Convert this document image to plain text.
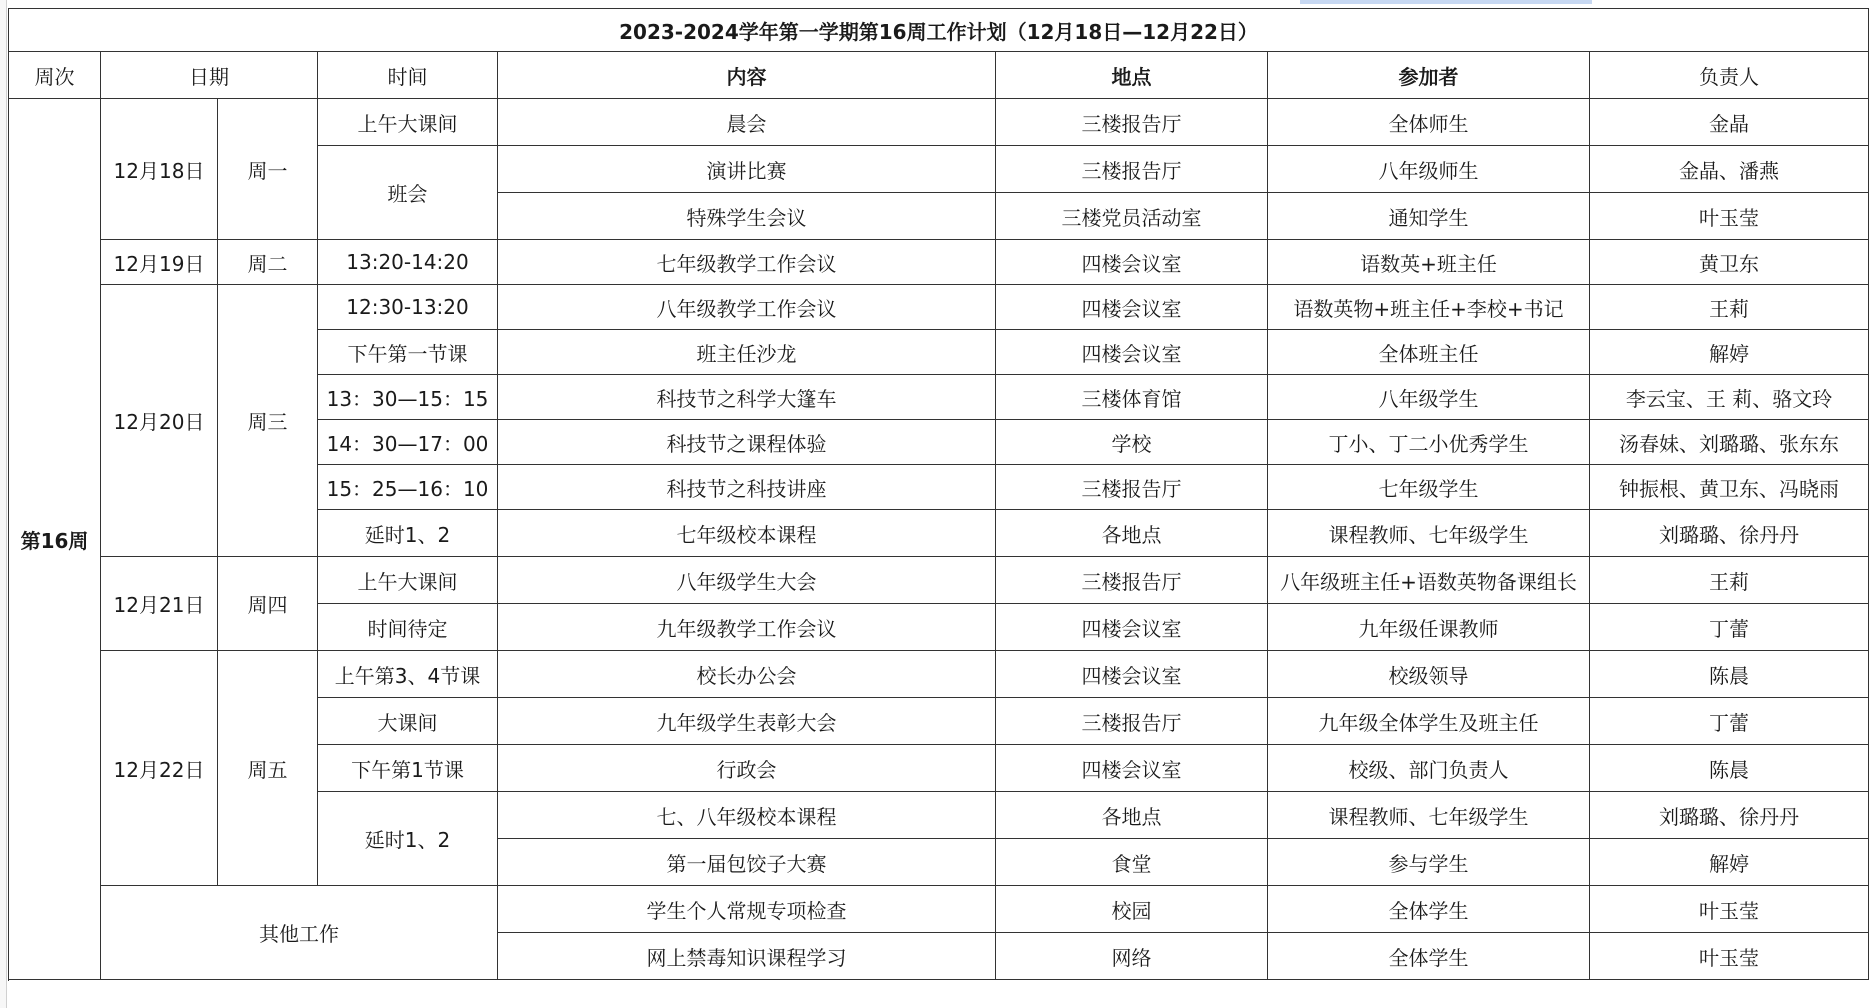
2023-2024学年第一学期第16周工作计划（12月18日—12月22日）							
周次	日期		时间	内容	地点	参加者	负责人
第16周	12月18日	周一	上午大课间	晨会	三楼报告厅	全体师生	金晶
			班会	演讲比赛	三楼报告厅	八年级师生	金晶、潘燕
				特殊学生会议	三楼党员活动室	通知学生	叶玉莹
	12月19日	周二	13:20-14:20	七年级教学工作会议	四楼会议室	语数英+班主任	黄卫东
	12月20日	周三	12:30-13:20	八年级教学工作会议	四楼会议室	语数英物+班主任+李校+书记	王莉
			下午第一节课	班主任沙龙	四楼会议室	全体班主任	解婷
			13：30—15：15	科技节之科学大篷车	三楼体育馆	八年级学生	李云宝、王 莉、骆文玲
			14：30—17：00	科技节之课程体验	学校	丁小、丁二小优秀学生	汤春妹、刘璐璐、张东东
			15：25—16：10	科技节之科技讲座	三楼报告厅	七年级学生	钟振根、黄卫东、冯晓雨
			延时1、2	七年级校本课程	各地点	课程教师、七年级学生	刘璐璐、徐丹丹
	12月21日	周四	上午大课间	八年级学生大会	三楼报告厅	八年级班主任+语数英物备课组长	王莉
			时间待定	九年级教学工作会议	四楼会议室	九年级任课教师	丁蕾
	12月22日	周五	上午第3、4节课	校长办公会	四楼会议室	校级领导	陈晨
			大课间	九年级学生表彰大会	三楼报告厅	九年级全体学生及班主任	丁蕾
			下午第1节课	行政会	四楼会议室	校级、部门负责人	陈晨
			延时1、2	七、八年级校本课程	各地点	课程教师、七年级学生	刘璐璐、徐丹丹
				第一届包饺子大赛	食堂	参与学生	解婷
	其他工作			学生个人常规专项检查	校园	全体学生	叶玉莹
				网上禁毒知识课程学习	网络	全体学生	叶玉莹
